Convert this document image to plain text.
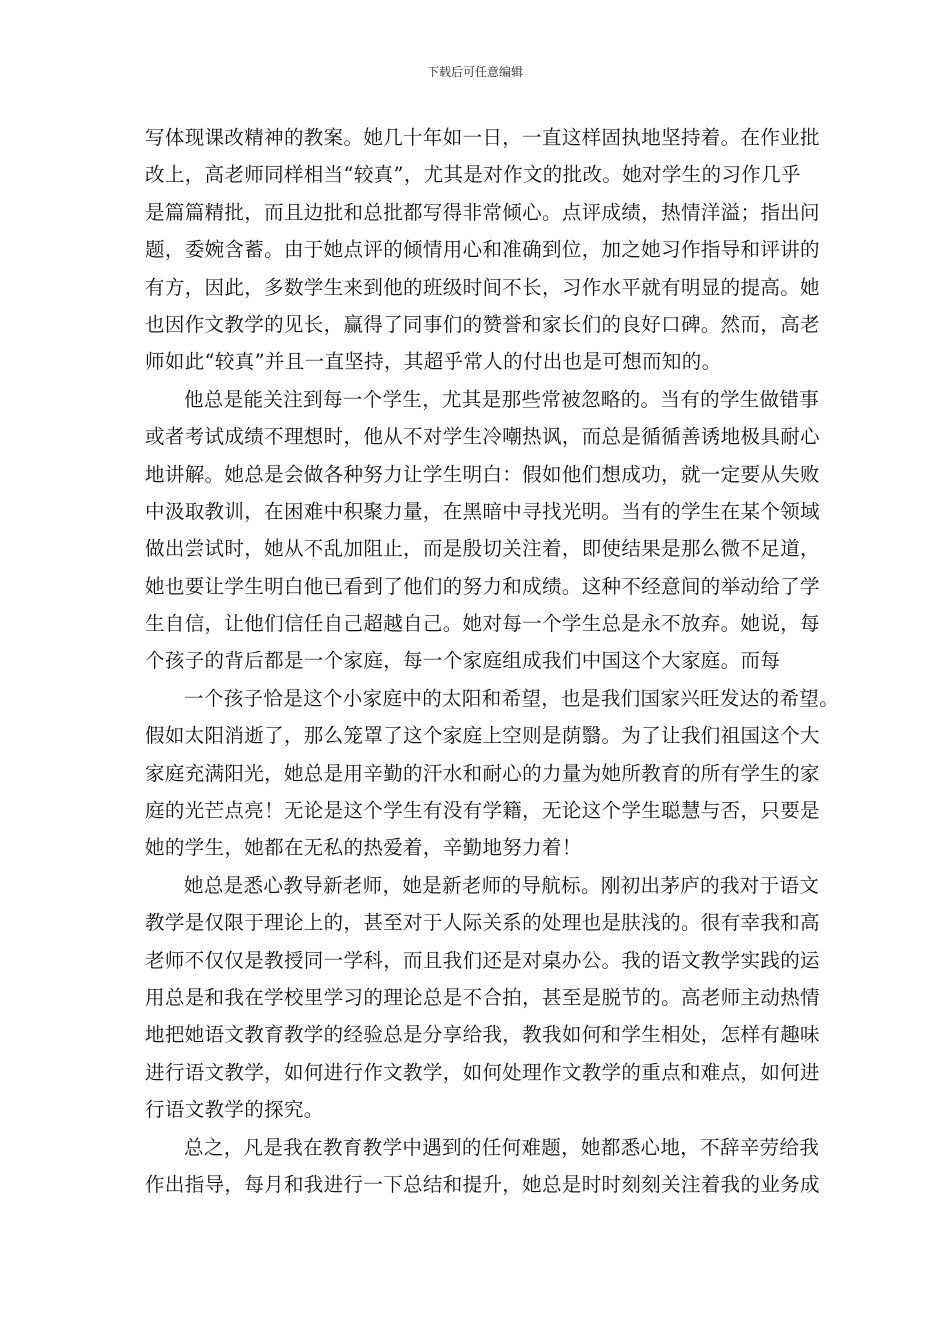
下载后可任意编辑
写体现课改精神的教案。她几十年如一日，一直这样固执地坚持着。在作业批
改上，高老师同样相当“较真”，尤其是对作文的批改。她对学生的习作几乎
是篇篇精批，而且边批和总批都写得非常倾心。点评成绩，热情洋溢；指出问
题，委婉含蓄。由于她点评的倾情用心和准确到位，加之她习作指导和评讲的
有方，因此，多数学生来到他的班级时间不长，习作水平就有明显的提高。她
也因作文教学的见长，赢得了同事们的赞誉和家长们的良好口碑。然而，高老
师如此“较真”并且一直坚持，其超乎常人的付出也是可想而知的。
他总是能关注到每一个学生，尤其是那些常被忽略的。当有的学生做错事
或者考试成绩不理想时，他从不对学生冷嘲热讽，而总是循循善诱地极具耐心
地讲解。她总是会做各种努力让学生明白：假如他们想成功，就一定要从失败
中汲取教训，在困难中积聚力量，在黑暗中寻找光明。当有的学生在某个领域
做出尝试时，她从不乱加阻止，而是殷切关注着，即使结果是那么微不足道，
她也要让学生明白他已看到了他们的努力和成绩。这种不经意间的举动给了学
生自信，让他们信任自己超越自己。她对每一个学生总是永不放弃。她说，每
个孩子的背后都是一个家庭，每一个家庭组成我们中国这个大家庭。而每
一个孩子恰是这个小家庭中的太阳和希望，也是我们国家兴旺发达的希望。
假如太阳消逝了，那么笼罩了这个家庭上空则是荫翳。为了让我们祖国这个大
家庭充满阳光，她总是用辛勤的汗水和耐心的力量为她所教育的所有学生的家
庭的光芒点亮！无论是这个学生有没有学籍，无论这个学生聪慧与否，只要是
她的学生，她都在无私的热爱着，辛勤地努力着！
她总是悉心教导新老师，她是新老师的导航标。刚初出茅庐的我对于语文
教学是仅限于理论上的，甚至对于人际关系的处理也是肤浅的。很有幸我和高
老师不仅仅是教授同一学科，而且我们还是对桌办公。我的语文教学实践的运
用总是和我在学校里学习的理论总是不合拍，甚至是脱节的。高老师主动热情
地把她语文教育教学的经验总是分享给我，教我如何和学生相处，怎样有趣味
进行语文教学，如何进行作文教学，如何处理作文教学的重点和难点，如何进
行语文教学的探究。
总之，凡是我在教育教学中遇到的任何难题，她都悉心地，不辞辛劳给我
作出指导，每月和我进行一下总结和提升，她总是时时刻刻关注着我的业务成
